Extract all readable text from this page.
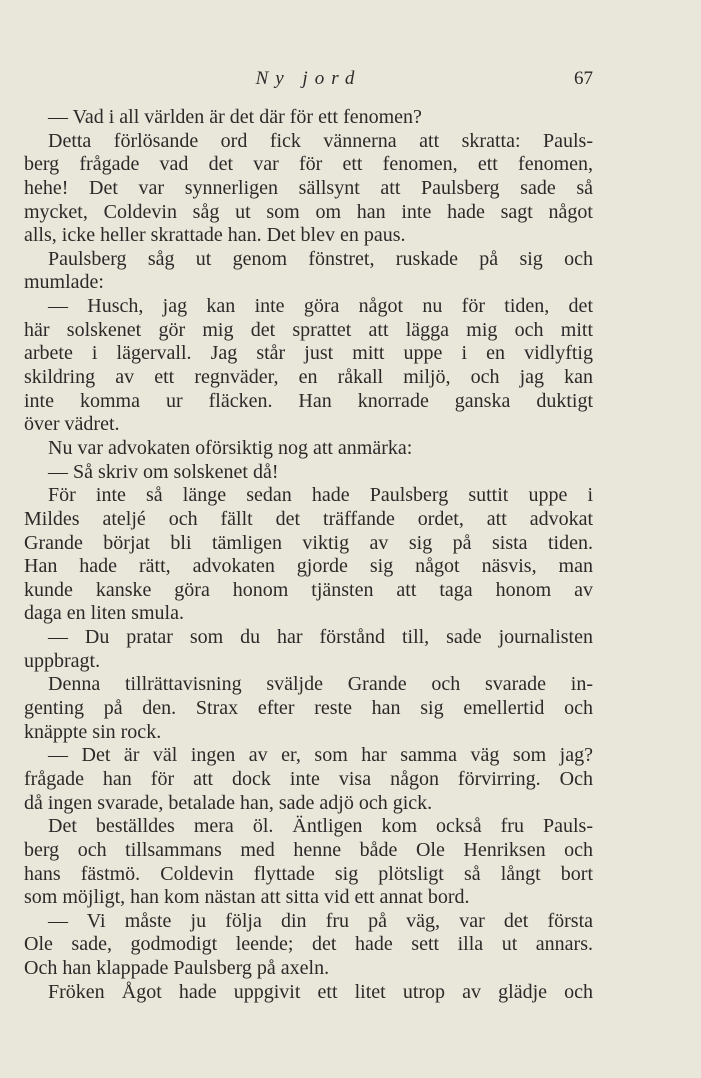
Ny jord	67
— Vad i all världen är det där för ett fenomen?
Detta förlösande ord fick vännerna att skratta: Pauls-
berg frågade vad det var för ett fenomen, ett fenomen,
hehe! Det var synnerligen sällsynt att Paulsberg sade så
mycket, Coldevin såg ut som om han inte hade sagt något
alls, icke heller skrattade han. Det blev en paus.
Paulsberg såg ut genom fönstret, ruskade på sig och
mumlade:
— Husch, jag kan inte göra något nu för tiden, det
här solskenet gör mig det sprattet att lägga mig och mitt
arbete i lägervall. Jag står just mitt uppe i en vidlyftig
skildring av ett regnväder, en råkall miljö, och jag kan
inte komma ur fläcken. Han knorrade ganska duktigt
över vädret.
Nu var advokaten oförsiktig nog att anmärka:
— Så skriv om solskenet då!
För inte så länge sedan hade Paulsberg suttit uppe i
Mildes ateljé och fällt det träffande ordet, att advokat
Grande börjat bli tämligen viktig av sig på sista tiden.
Han hade rätt, advokaten gjorde sig något näsvis, man
kunde kanske göra honom tjänsten att taga honom av
daga en liten smula.
— Du pratar som du har förstånd till, sade journalisten
uppbragt.
Denna tillrättavisning sväljde Grande och svarade in-
genting på den. Strax efter reste han sig emellertid och
knäppte sin rock.
— Det är väl ingen av er, som har samma väg som jag?
frågade han för att dock inte visa någon förvirring. Och
då ingen svarade, betalade han, sade adjö och gick.
Det beställdes mera öl. Äntligen kom också fru Pauls-
berg och tillsammans med henne både Ole Henriksen och
hans fästmö. Coldevin flyttade sig plötsligt så långt bort
som möjligt, han kom nästan att sitta vid ett annat bord.
— Vi måste ju följa din fru på väg, var det första
Ole sade, godmodigt leende; det hade sett illa ut annars.
Och han klappade Paulsberg på axeln.
Fröken Ågot hade uppgivit ett litet utrop av glädje och
